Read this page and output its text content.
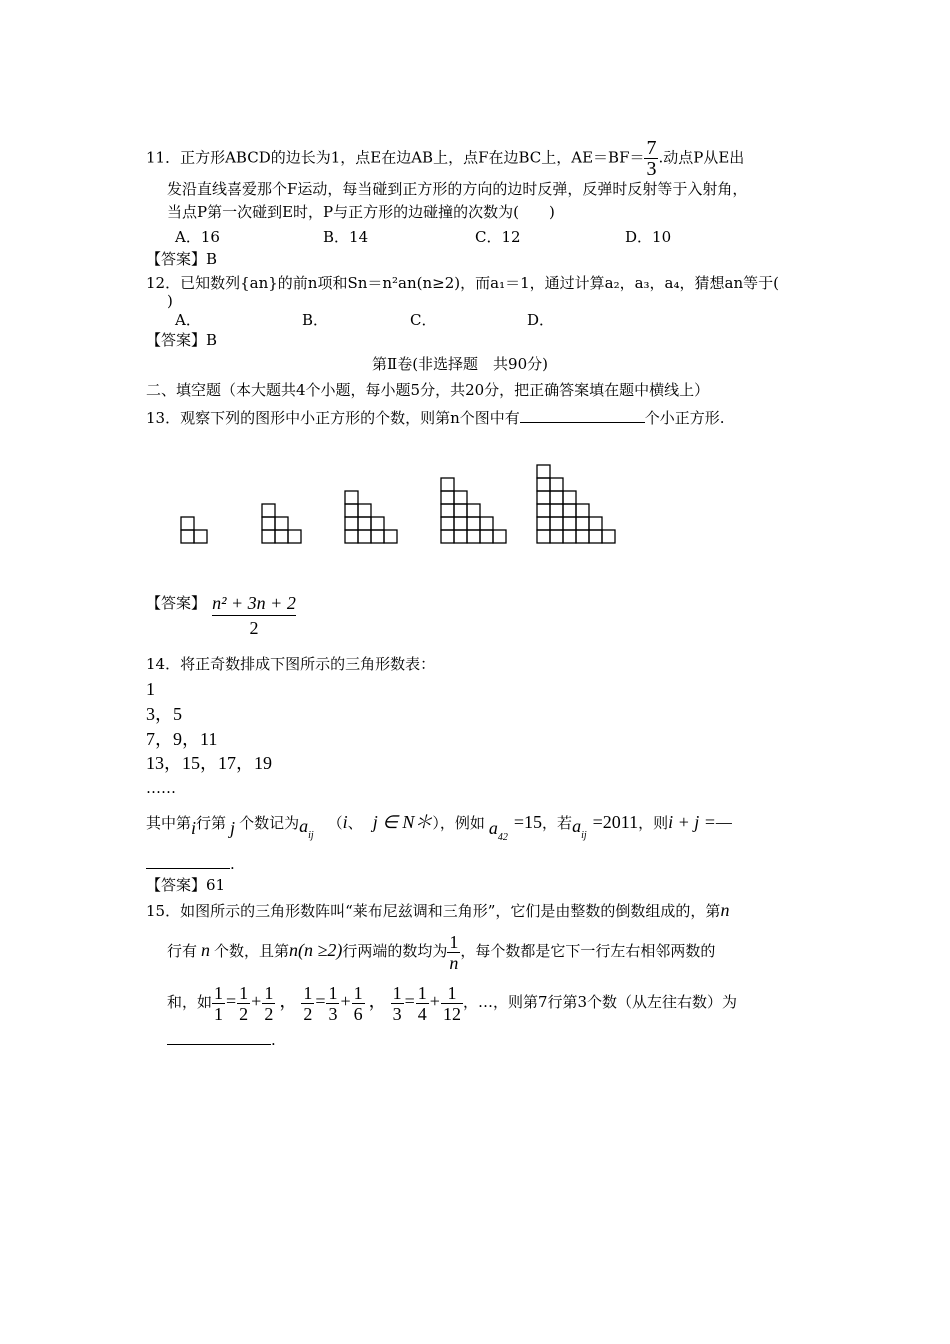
11．正方形ABCD的边长为1，点E在边AB上，点F在边BC上，$AE=BF= \frac{7}{3}$ .动点P从E出
发沿直线喜爱那个F运动，每当碰到正方形的方向的边时反弹，反弹时反射等于入射角，
当点P第一次碰到E时，P与正方形的边碰撞的次数为(　　)
A．16	B．14	C．12	D．10
【答案】B
12．已知数列{an}的前n项和Sn＝n²an(n≥2)，而a₁＝1，通过计算a₂，a₃，a₄，猜想an等于(
)
A．	B．	C．	D．
【答案】B
第Ⅱ卷(非选择题　共90分)
二、填空题（本大题共4个小题，每小题5分，共20分，把正确答案填在题中横线上）
13．观察下列的图形中小正方形的个数，则第n个图中有	个小正方形.
【答案】 $\frac{\text{n² + 3n + 2}}{2}$
14．将正奇数排成下图所示的三角形数表：
1
3，5
7，9，11
13，15，17，19
……
其中第i行第 j 个数记为$a_{ij}(i$、 j ∈ N＊），例如 $a_{42}=15$，若$a_{ij}=2011$，则i + j =—
.
【答案】61
15．如图所示的三角形数阵叫“莱布尼兹调和三角形”，它们是由整数的倒数组成的，第n
行有 n 个数，且第n(n ≥2)行两端的数均为 $\frac{1}{n}$ ，每个数都是它下一行左右相邻两数的
和，如 $\frac{1}{1} = \frac{1}{2} + \frac{1}{2}$ ， $\frac{1}{2} = \frac{1}{3} + \frac{1}{6}$ ， $\frac{1}{3} = \frac{1}{4} + \frac{1}{12}$ ，…，则第7行第3个数（从左往右数）为
.
